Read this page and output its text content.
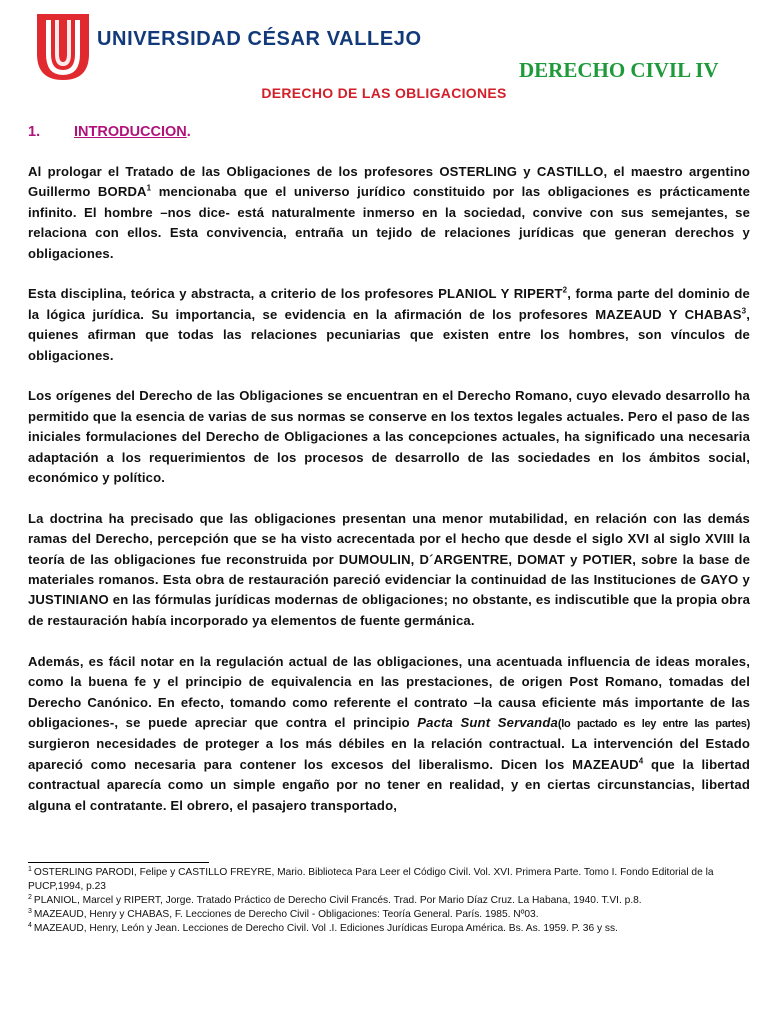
UNIVERSIDAD CÉSAR VALLEJO
DERECHO CIVIL IV
DERECHO DE LAS OBLIGACIONES
1. INTRODUCCION.

Al prologar el Tratado de las Obligaciones de los profesores OSTERLING y CASTILLO, el maestro argentino Guillermo BORDA$^1$ mencionaba que el universo jurídico constituido por las obligaciones es prácticamente infinito. El hombre –nos dice- está naturalmente inmerso en la sociedad, convive con sus semejantes, se relaciona con ellos. Esta convivencia, entraña un tejido de relaciones jurídicas que generan derechos y obligaciones.

Esta disciplina, teórica y abstracta, a criterio de los profesores PLANIOL Y RIPERT$^2$, forma parte del dominio de la lógica jurídica. Su importancia, se evidencia en la afirmación de los profesores MAZEAUD Y CHABAS$^3$, quienes afirman que todas las relaciones pecuniarias que existen entre los hombres, son vínculos de obligaciones.

Los orígenes del Derecho de las Obligaciones se encuentran en el Derecho Romano, cuyo elevado desarrollo ha permitido que la esencia de varias de sus normas se conserve en los textos legales actuales. Pero el paso de las iniciales formulaciones del Derecho de Obligaciones a las concepciones actuales, ha significado una necesaria adaptación a los requerimientos de los procesos de desarrollo de las sociedades en los ámbitos social, económico y político.

La doctrina ha precisado que las obligaciones presentan una menor mutabilidad, en relación con las demás ramas del Derecho, percepción que se ha visto acrecentada por el hecho que desde el siglo XVI al siglo XVIII la teoría de las obligaciones fue reconstruida por DUMOULIN, D´ARGENTRE, DOMAT y POTIER, sobre la base de materiales romanos. Esta obra de restauración pareció evidenciar la continuidad de las Instituciones de GAYO y JUSTINIANO en las fórmulas jurídicas modernas de obligaciones; no obstante, es indiscutible que la propia obra de restauración había incorporado ya elementos de fuente germánica.

Además, es fácil notar en la regulación actual de las obligaciones, una acentuada influencia de ideas morales, como la buena fe y el principio de equivalencia en las prestaciones, de origen Post Romano, tomadas del Derecho Canónico. En efecto, tomando como referente el contrato –la causa eficiente más importante de las obligaciones-, se puede apreciar que contra el principio Pacta Sunt Servanda(lo pactado es ley entre las partes) surgieron necesidades de proteger a los más débiles en la relación contractual. La intervención del Estado apareció como necesaria para contener los excesos del liberalismo. Dicen los MAZEAUD$^4$ que la libertad contractual aparecía como un simple engaño por no tener en realidad, y en ciertas circunstancias, libertad alguna el contratante. El obrero, el pasajero transportado,

$^1$ OSTERLING PARODI, Felipe y CASTILLO FREYRE, Mario. Biblioteca Para Leer el Código Civil. Vol. XVI. Primera Parte. Tomo I. Fondo Editorial de la PUCP,1994, p.23
$^2$ PLANIOL, Marcel y RIPERT, Jorge. Tratado Práctico de Derecho Civil Francés. Trad. Por Mario Díaz Cruz. La Habana, 1940. T.VI. p.8.
$^3$ MAZEAUD, Henry y CHABAS, F. Lecciones de Derecho Civil - Obligaciones: Teoría General. París. 1985. Nº03.
$^4$ MAZEAUD, Henry, León y Jean. Lecciones de Derecho Civil. Vol .I. Ediciones Jurídicas Europa América. Bs. As. 1959. P. 36 y ss.
